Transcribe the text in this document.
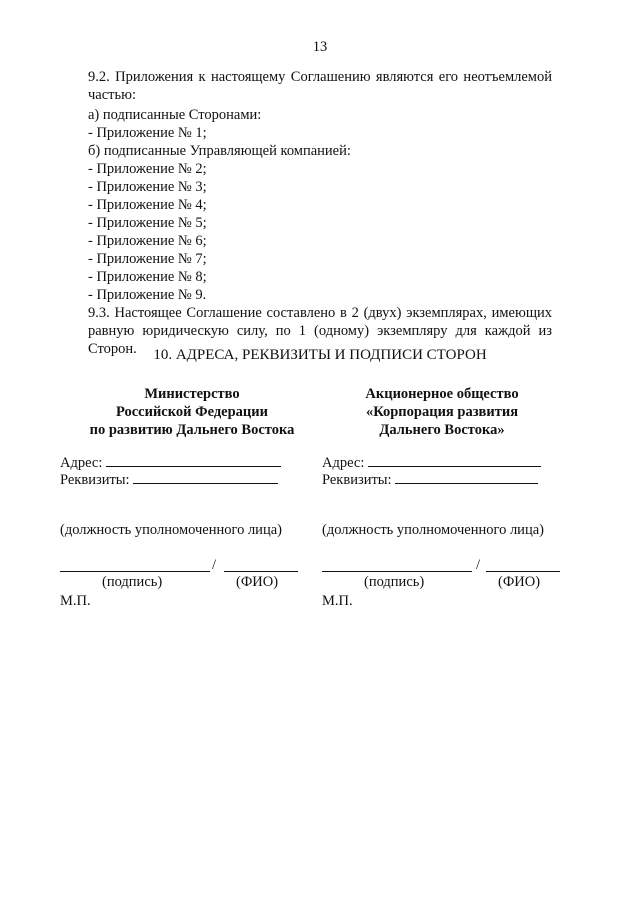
13
9.2. Приложения к настоящему Соглашению являются его неотъемлемой частью:
а) подписанные Сторонами:
- Приложение № 1;
б) подписанные Управляющей компанией:
- Приложение № 2;
- Приложение № 3;
- Приложение № 4;
- Приложение № 5;
- Приложение № 6;
- Приложение № 7;
- Приложение № 8;
- Приложение № 9.
9.3. Настоящее Соглашение составлено в 2 (двух) экземплярах, имеющих равную юридическую силу, по 1 (одному) экземпляру для каждой из Сторон.	10. АДРЕСА, РЕКВИЗИТЫ И ПОДПИСИ СТОРОН
Министерство
Российской Федерации
по развитию Дальнего Востока
Адрес:
Реквизиты:
(должность уполномоченного лица)
/
(подпись)	(ФИО)
М.П.
Акционерное общество
«Корпорация развития
Дальнего Востока»
Адрес:
Реквизиты:
(должность уполномоченного лица)
/
(подпись)	(ФИО)
М.П.
